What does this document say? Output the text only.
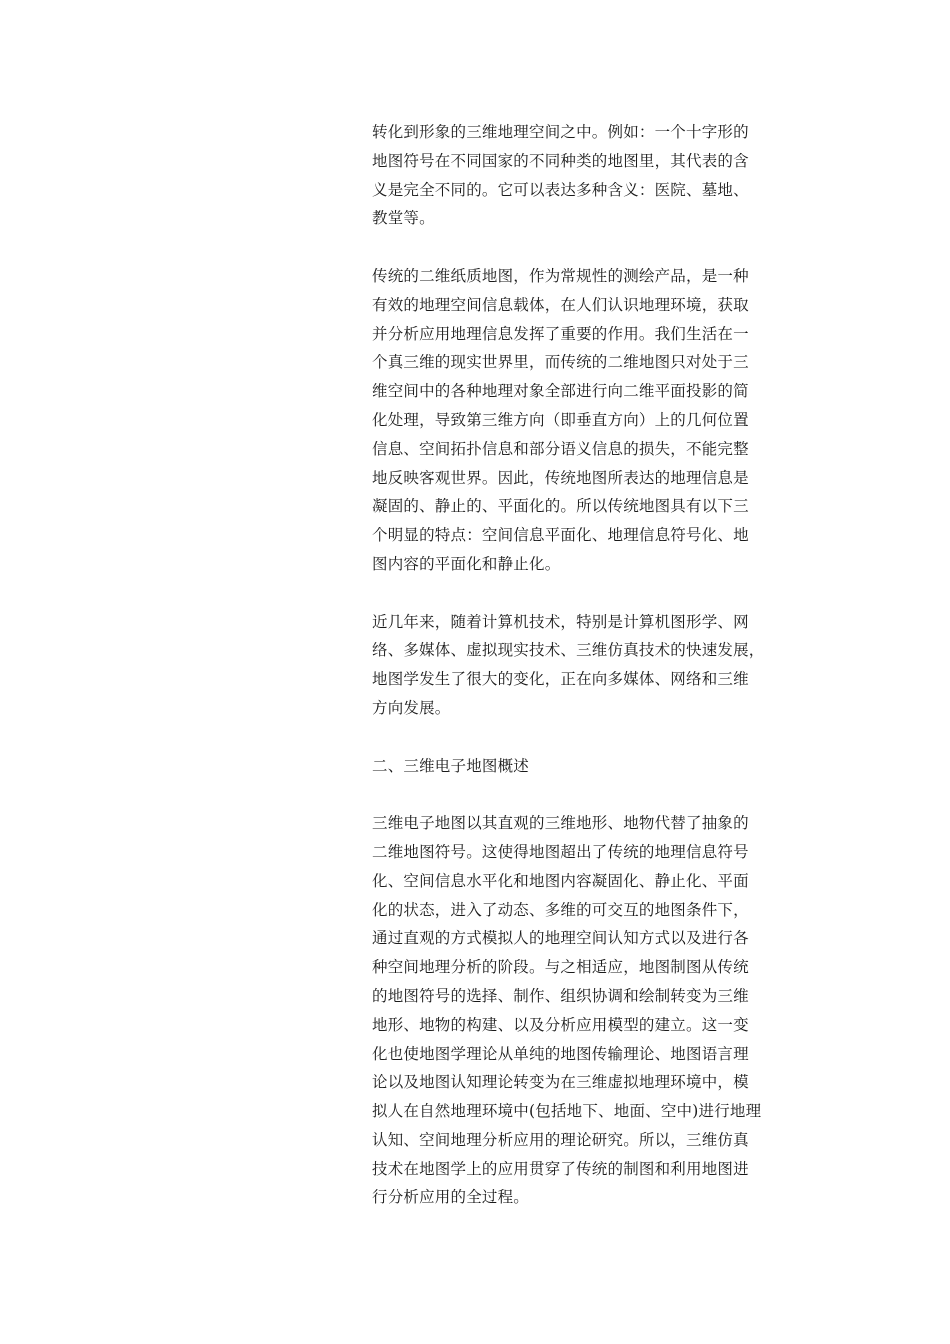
转化到形象的三维地理空间之中。例如：一个十字形的
地图符号在不同国家的不同种类的地图里，其代表的含
义是完全不同的。它可以表达多种含义：医院、墓地、
教堂等。
传统的二维纸质地图，作为常规性的测绘产品，是一种
有效的地理空间信息载体，在人们认识地理环境，获取
并分析应用地理信息发挥了重要的作用。我们生活在一
个真三维的现实世界里，而传统的二维地图只对处于三
维空间中的各种地理对象全部进行向二维平面投影的简
化处理，导致第三维方向（即垂直方向）上的几何位置
信息、空间拓扑信息和部分语义信息的损失，不能完整
地反映客观世界。因此，传统地图所表达的地理信息是
凝固的、静止的、平面化的。所以传统地图具有以下三
个明显的特点：空间信息平面化、地理信息符号化、地
图内容的平面化和静止化。
近几年来，随着计算机技术，特别是计算机图形学、网
络、多媒体、虚拟现实技术、三维仿真技术的快速发展，
地图学发生了很大的变化，正在向多媒体、网络和三维
方向发展。
二、三维电子地图概述
三维电子地图以其直观的三维地形、地物代替了抽象的
二维地图符号。这使得地图超出了传统的地理信息符号
化、空间信息水平化和地图内容凝固化、静止化、平面
化的状态，进入了动态、多维的可交互的地图条件下，
通过直观的方式模拟人的地理空间认知方式以及进行各
种空间地理分析的阶段。与之相适应，地图制图从传统
的地图符号的选择、制作、组织协调和绘制转变为三维
地形、地物的构建、以及分析应用模型的建立。这一变
化也使地图学理论从单纯的地图传输理论、地图语言理
论以及地图认知理论转变为在三维虚拟地理环境中，模
拟人在自然地理环境中(包括地下、地面、空中)进行地理
认知、空间地理分析应用的理论研究。所以，三维仿真
技术在地图学上的应用贯穿了传统的制图和利用地图进
行分析应用的全过程。
